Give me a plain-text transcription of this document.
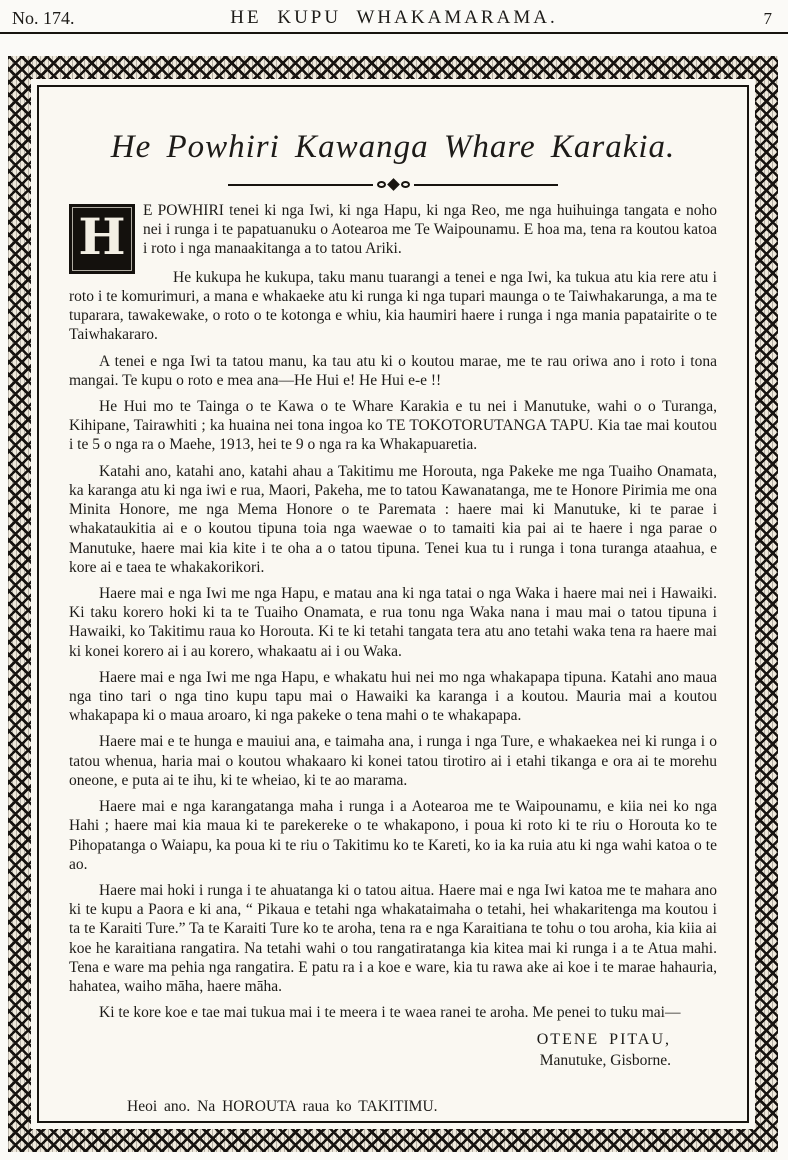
No. 174.	HE KUPU WHAKAMARAMA.	7
He Powhiri Kawanga Whare Karakia.

H	E POWHIRI tenei ki nga Iwi, ki nga Hapu, ki nga Reo, me nga huihuinga tangata e noho nei i runga i te papatuanuku o Aotearoa me Te Waipounamu. E hoa ma, tena ra koutou katoa i roto i nga manaakitanga a to tatou Ariki.

He kukupa he kukupa, taku manu tuarangi a tenei e nga Iwi, ka tukua atu kia rere atu i roto i te komurimuri, a mana e whakaeke atu ki runga ki nga tupari maunga o te Taiwhakarunga, a ma te tuparara, tawakewake, o roto o te kotonga e whiu, kia haumiri haere i runga i nga mania papatairite o te Taiwhakararo.

A tenei e nga Iwi ta tatou manu, ka tau atu ki o koutou marae, me te rau oriwa ano i roto i tona mangai. Te kupu o roto e mea ana—He Hui e! He Hui e-e !!

He Hui mo te Tainga o te Kawa o te Whare Karakia e tu nei i Manutuke, wahi o o Turanga, Kihipane, Tairawhiti ; ka huaina nei tona ingoa ko TE TOKOTORUTANGA TAPU. Kia tae mai koutou i te 5 o nga ra o Maehe, 1913, hei te 9 o nga ra ka Whakapuaretia.

Katahi ano, katahi ano, katahi ahau a Takitimu me Horouta, nga Pakeke me nga Tuaiho Onamata, ka karanga atu ki nga iwi e rua, Maori, Pakeha, me to tatou Kawanatanga, me te Honore Pirimia me ona Minita Honore, me nga Mema Honore o te Paremata : haere mai ki Manutuke, ki te parae i whakataukitia ai e o koutou tipuna toia nga waewae o to tamaiti kia pai ai te haere i nga parae o Manutuke, haere mai kia kite i te oha a o tatou tipuna. Tenei kua tu i runga i tona turanga ataahua, e kore ai e taea te whakakorikori.

Haere mai e nga Iwi me nga Hapu, e matau ana ki nga tatai o nga Waka i haere mai nei i Hawaiki. Ki taku korero hoki ki ta te Tuaiho Onamata, e rua tonu nga Waka nana i mau mai o tatou tipuna i Hawaiki, ko Takitimu raua ko Horouta. Ki te ki tetahi tangata tera atu ano tetahi waka tena ra haere mai ki konei korero ai i au korero, whakaatu ai i ou Waka.

Haere mai e nga Iwi me nga Hapu, e whakatu hui nei mo nga whakapapa tipuna. Katahi ano maua nga tino tari o nga tino kupu tapu mai o Hawaiki ka karanga i a koutou. Mauria mai a koutou whakapapa ki o maua aroaro, ki nga pakeke o tena mahi o te whakapapa.

Haere mai e te hunga e mauiui ana, e taimaha ana, i runga i nga Ture, e whakaekea nei ki runga i o tatou whenua, haria mai o koutou whakaaro ki konei tatou tirotiro ai i etahi tikanga e ora ai te morehu oneone, e puta ai te ihu, ki te wheiao, ki te ao marama.

Haere mai e nga karangatanga maha i runga i a Aotearoa me te Waipounamu, e kiia nei ko nga Hahi ; haere mai kia maua ki te parekereke o te whakapono, i poua ki roto ki te riu o Horouta ko te Pihopatanga o Waiapu, ka poua ki te riu o Takitimu ko te Kareti, ko ia ka ruia atu ki nga wahi katoa o te ao.

Haere mai hoki i runga i te ahuatanga ki o tatou aitua. Haere mai e nga Iwi katoa me te mahara ano ki te kupu a Paora e ki ana, “ Pikaua e tetahi nga whakataimaha o tetahi, hei whakaritenga ma koutou i ta te Karaiti Ture.” Ta te Karaiti Ture ko te aroha, tena ra e nga Karaitiana te tohu o tou aroha, kia kiia ai koe he karaitiana rangatira. Na tetahi wahi o tou rangatiratanga kia kitea mai ki runga i a te Atua mahi. Tena e ware ma pehia nga rangatira. E patu ra i a koe e ware, kia tu rawa ake ai koe i te marae hahauria, hahatea, waiho māha, haere māha.

Ki te kore koe e tae mai tukua mai i te meera i te waea ranei te aroha. Me penei to tuku mai—

OTENE PITAU,
Manutuke, Gisborne.
Heoi ano. Na HOROUTA raua ko TAKITIMU.
